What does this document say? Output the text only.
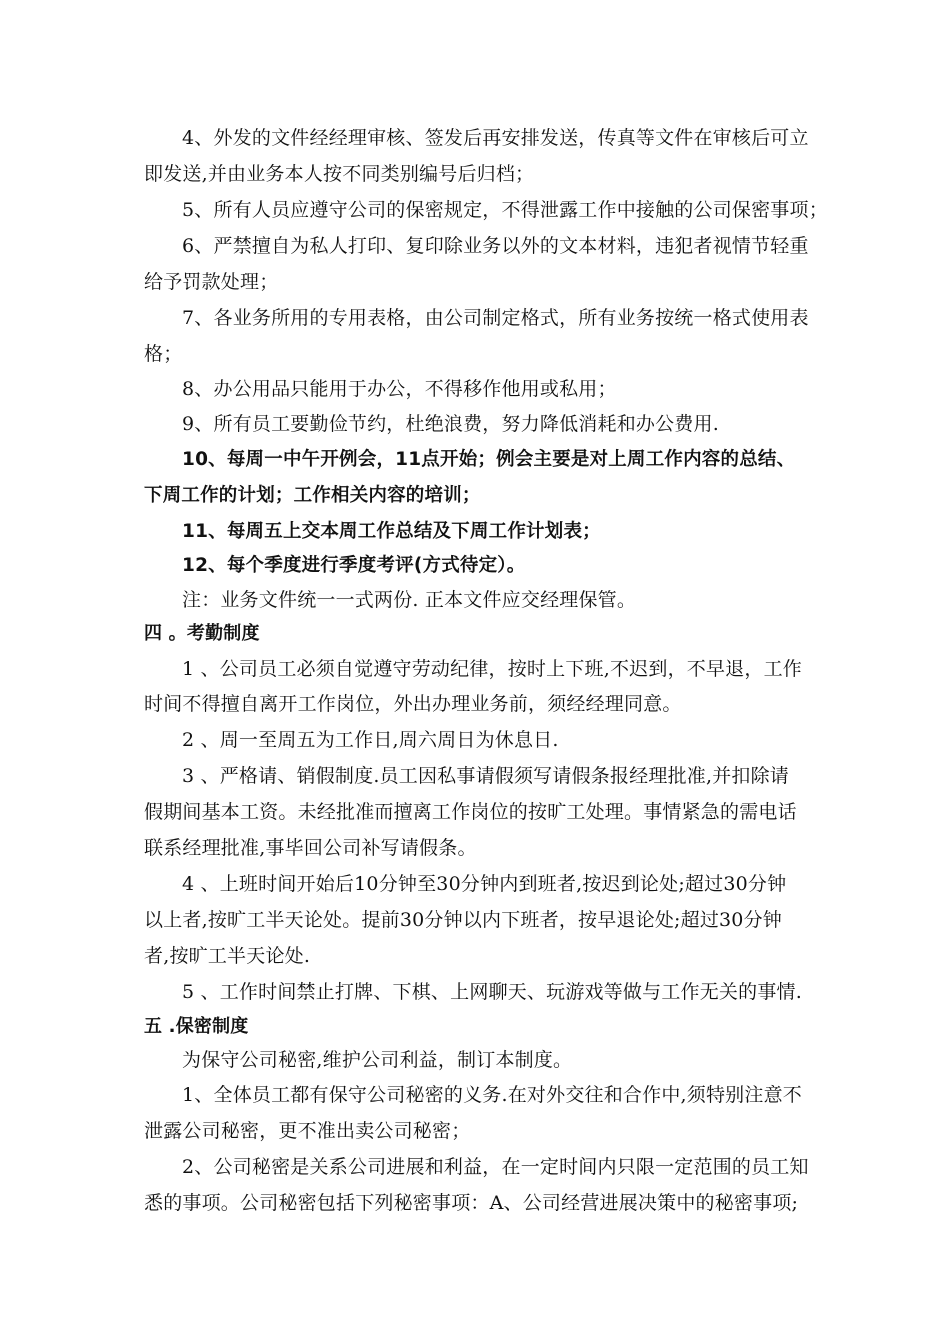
4、外发的文件经经理审核、签发后再安排发送，传真等文件在审核后可立
即发送,并由业务本人按不同类别编号后归档；
5、所有人员应遵守公司的保密规定，不得泄露工作中接触的公司保密事项；
6、严禁擅自为私人打印、复印除业务以外的文本材料，违犯者视情节轻重
给予罚款处理；
7、各业务所用的专用表格，由公司制定格式，所有业务按统一格式使用表
格；
8、办公用品只能用于办公，不得移作他用或私用；
9、所有员工要勤俭节约，杜绝浪费，努力降低消耗和办公费用.
10、每周一中午开例会，11点开始；例会主要是对上周工作内容的总结、
下周工作的计划；工作相关内容的培训；
11、每周五上交本周工作总结及下周工作计划表；
12、每个季度进行季度考评(方式待定）。
注：业务文件统一一式两份. 正本文件应交经理保管。
四 。考勤制度
1 、公司员工必须自觉遵守劳动纪律，按时上下班,不迟到，不早退，工作
时间不得擅自离开工作岗位，外出办理业务前，须经经理同意。
2 、周一至周五为工作日,周六周日为休息日.
3 、严格请、销假制度.员工因私事请假须写请假条报经理批准,并扣除请
假期间基本工资。未经批准而擅离工作岗位的按旷工处理。事情紧急的需电话
联系经理批准,事毕回公司补写请假条。
4 、上班时间开始后10分钟至30分钟内到班者,按迟到论处;超过30分钟
以上者,按旷工半天论处。提前30分钟以内下班者，按早退论处;超过30分钟
者,按旷工半天论处.
5 、工作时间禁止打牌、下棋、上网聊天、玩游戏等做与工作无关的事情.
五 .保密制度
为保守公司秘密,维护公司利益，制订本制度。
1、全体员工都有保守公司秘密的义务.在对外交往和合作中,须特别注意不
泄露公司秘密，更不准出卖公司秘密；
2、公司秘密是关系公司进展和利益，在一定时间内只限一定范围的员工知
悉的事项。公司秘密包括下列秘密事项：A、公司经营进展决策中的秘密事项;
